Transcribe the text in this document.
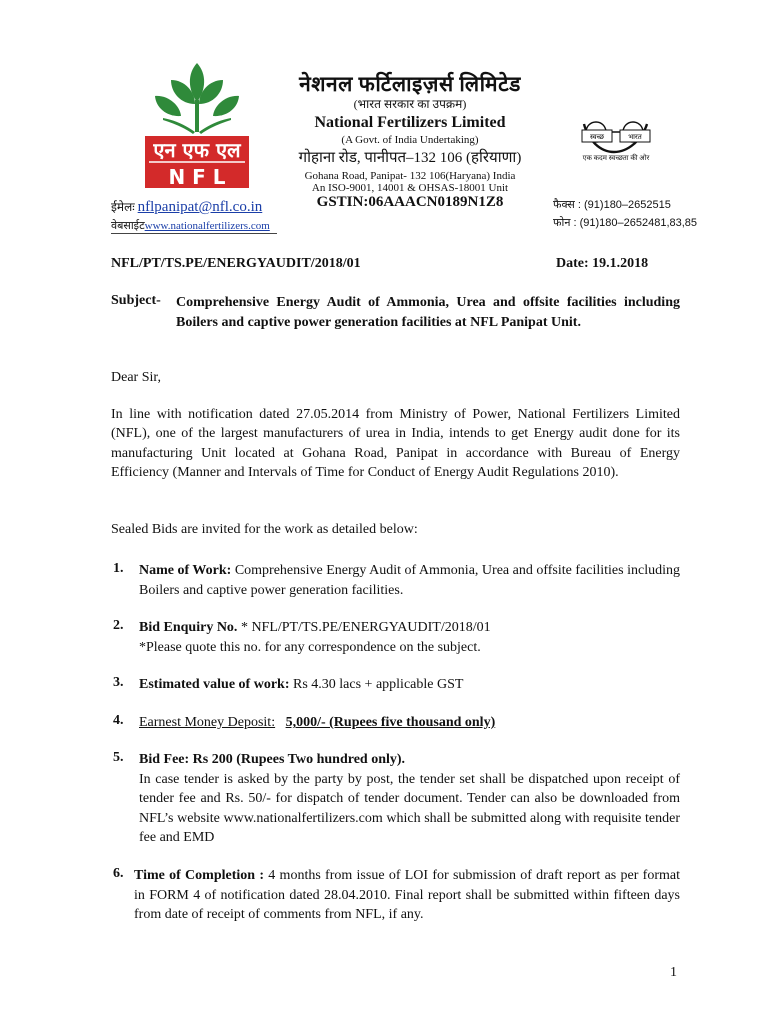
एन एफ एल
N F L
नेशनल फर्टिलाइज़र्स लिमिटेड
(भारत सरकार का उपक्रम)
National Fertilizers Limited
(A Govt. of India Undertaking)
गोहाना रोड, पानीपत–132 106 (हरियाणा)
Gohana Road, Panipat- 132 106(Haryana) India
An ISO-9001, 14001 & OHSAS-18001 Unit
GSTIN:06AAACN0189N1Z8
स्वच्छ	भारत
एक कदम स्वच्छता की ओर
ईमेलः nflpanipat@nfl.co.in
वेबसाईटwww.nationalfertilizers.com
फैक्स : (91)180–2652515
फोन : (91)180–2652481,83,85
NFL/PT/TS.PE/ENERGYAUDIT/2018/01	Date: 19.1.2018
Subject- Comprehensive Energy Audit of Ammonia, Urea and offsite facilities including Boilers and captive power generation facilities at NFL Panipat Unit.
Dear Sir,
In line with notification dated 27.05.2014 from Ministry of Power, National Fertilizers Limited (NFL), one of the largest manufacturers of urea in India, intends to get Energy audit done for its manufacturing Unit located at Gohana Road, Panipat in accordance with Bureau of Energy Efficiency (Manner and Intervals of Time for Conduct of Energy Audit Regulations 2010).
Sealed Bids are invited for the work as detailed below:
1. Name of Work: Comprehensive Energy Audit of Ammonia, Urea and offsite facilities including Boilers and captive power generation facilities.
2. Bid Enquiry No. * NFL/PT/TS.PE/ENERGYAUDIT/2018/01
*Please quote this no. for any correspondence on the subject.
3. Estimated value of work: Rs 4.30 lacs + applicable GST
4. Earnest Money Deposit: 5,000/- (Rupees five thousand only)
5. Bid Fee: Rs 200 (Rupees Two hundred only).
In case tender is asked by the party by post, the tender set shall be dispatched upon receipt of tender fee and Rs. 50/- for dispatch of tender document. Tender can also be downloaded from NFL’s website www.nationalfertilizers.com which shall be submitted along with requisite tender fee and EMD
6. Time of Completion : 4 months from issue of LOI for submission of draft report as per format in FORM 4 of notification dated 28.04.2010. Final report shall be submitted within fifteen days from date of receipt of comments from NFL, if any.
1
